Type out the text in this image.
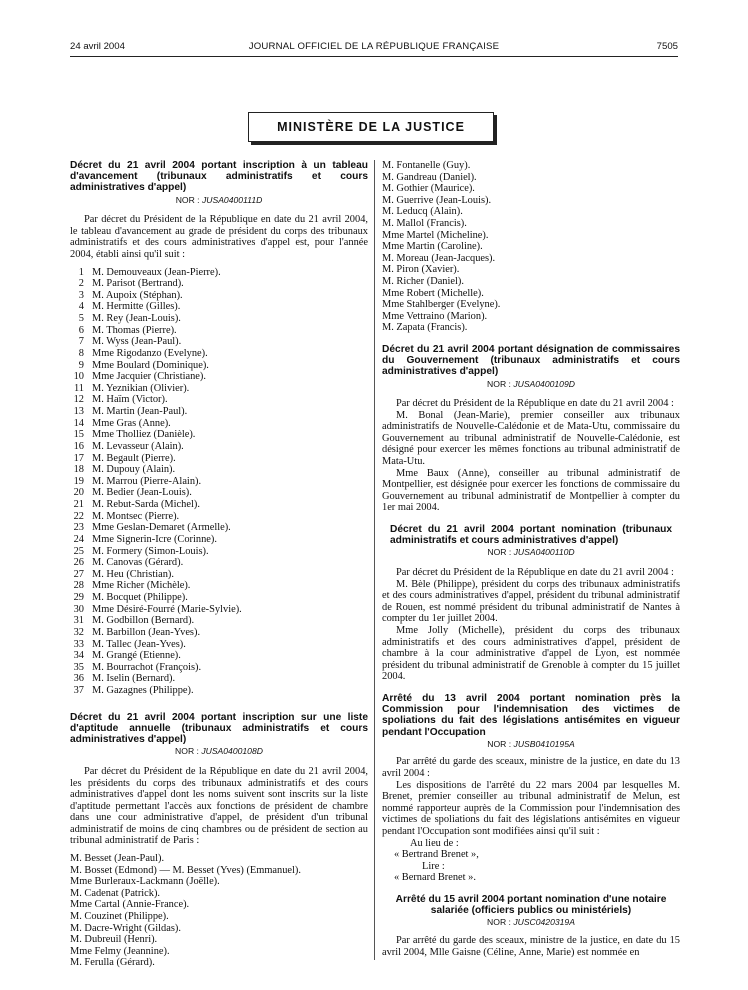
24 avril 2004	JOURNAL OFFICIEL DE LA RÉPUBLIQUE FRANÇAISE	7505
MINISTÈRE DE LA JUSTICE

Décret du 21 avril 2004 portant inscription à un tableau d'avancement (tribunaux administratifs et cours administratives d'appel)

NOR : JUSA0400111D

Par décret du Président de la République en date du 21 avril 2004, le tableau d'avancement au grade de président du corps des tribunaux administratifs et des cours administratives d'appel est, pour l'année 2004, établi ainsi qu'il suit :

1 M. Demouveaux (Jean-Pierre).
2 M. Parisot (Bertrand).
3 M. Aupoix (Stéphan).
4 M. Hermitte (Gilles).
5 M. Rey (Jean-Louis).
6 M. Thomas (Pierre).
7 M. Wyss (Jean-Paul).
8 Mme Rigodanzo (Evelyne).
9 Mme Boulard (Dominique).
10 Mme Jacquier (Christiane).
11 M. Yeznikian (Olivier).
12 M. Haïm (Victor).
13 M. Martin (Jean-Paul).
14 Mme Gras (Anne).
15 Mme Tholliez (Danièle).
16 M. Levasseur (Alain).
17 M. Begault (Pierre).
18 M. Dupouy (Alain).
19 M. Marrou (Pierre-Alain).
20 M. Bedier (Jean-Louis).
21 M. Rebut-Sarda (Michel).
22 M. Montsec (Pierre).
23 Mme Geslan-Demaret (Armelle).
24 Mme Signerin-Icre (Corinne).
25 M. Formery (Simon-Louis).
26 M. Canovas (Gérard).
27 M. Heu (Christian).
28 Mme Richer (Michèle).
29 M. Bocquet (Philippe).
30 Mme Désiré-Fourré (Marie-Sylvie).
31 M. Godbillon (Bernard).
32 M. Barbillon (Jean-Yves).
33 M. Tallec (Jean-Yves).
34 M. Grangé (Etienne).
35 M. Bourrachot (François).
36 M. Iselin (Bernard).
37 M. Gazagnes (Philippe).

Décret du 21 avril 2004 portant inscription sur une liste d'aptitude annuelle (tribunaux administratifs et cours administratives d'appel)

NOR : JUSA0400108D

Par décret du Président de la République en date du 21 avril 2004, les présidents du corps des tribunaux administratifs et des cours administratives d'appel dont les noms suivent sont inscrits sur la liste d'aptitude permettant l'accès aux fonctions de président de chambre dans une cour administrative d'appel, de président d'un tribunal administratif de moins de cinq chambres ou de président de section au tribunal administratif de Paris :

M. Besset (Jean-Paul).
M. Bosset (Edmond) — M. Besset (Yves) (Emmanuel).
Mme Burleraux-Lackmann (Joëlle).
M. Cadenat (Patrick).
Mme Cartal (Annie-France).
M. Couzinet (Philippe).
M. Dacre-Wright (Gildas).
M. Dubreuil (Henri).
Mme Felmy (Jeannine).
M. Ferulla (Gérard).
M. Fontanelle (Guy).
M. Gandreau (Daniel).
M. Gothier (Maurice).
M. Guerrive (Jean-Louis).
M. Leducq (Alain).
M. Mallol (Francis).
Mme Martel (Micheline).
Mme Martin (Caroline).
M. Moreau (Jean-Jacques).
M. Piron (Xavier).
M. Richer (Daniel).
Mme Robert (Michelle).
Mme Stahlberger (Evelyne).
Mme Vettraino (Marion).
M. Zapata (Francis).

Décret du 21 avril 2004 portant désignation de commissaires du Gouvernement (tribunaux administratifs et cours administratives d'appel)

NOR : JUSA0400109D

Par décret du Président de la République en date du 21 avril 2004 :

M. Bonal (Jean-Marie), premier conseiller aux tribunaux administratifs de Nouvelle-Calédonie et de Mata-Utu, commissaire du Gouvernement au tribunal administratif de Nouvelle-Calédonie, est désigné pour exercer les mêmes fonctions au tribunal administratif de Mata-Utu.

Mme Baux (Anne), conseiller au tribunal administratif de Montpellier, est désignée pour exercer les fonctions de commissaire du Gouvernement au tribunal administratif de Montpellier à compter du 1er mai 2004.

Décret du 21 avril 2004 portant nomination (tribunaux administratifs et cours administratives d'appel)

NOR : JUSA0400110D

Par décret du Président de la République en date du 21 avril 2004 :

M. Bèle (Philippe), président du corps des tribunaux administratifs et des cours administratives d'appel, président du tribunal administratif de Rouen, est nommé président du tribunal administratif de Nantes à compter du 1er juillet 2004.

Mme Jolly (Michelle), président du corps des tribunaux administratifs et des cours administratives d'appel, président de chambre à la cour administrative d'appel de Lyon, est nommée président du tribunal administratif de Grenoble à compter du 15 juillet 2004.

Arrêté du 13 avril 2004 portant nomination près la Commission pour l'indemnisation des victimes de spoliations du fait des législations antisémites en vigueur pendant l'Occupation

NOR : JUSB0410195A

Par arrêté du garde des sceaux, ministre de la justice, en date du 13 avril 2004 :

Les dispositions de l'arrêté du 22 mars 2004 par lesquelles M. Brenet, premier conseiller au tribunal administratif de Melun, est nommé rapporteur auprès de la Commission pour l'indemnisation des victimes de spoliations du fait des législations antisémites en vigueur pendant l'Occupation sont modifiées ainsi qu'il suit :

Au lieu de :

« Bertrand Brenet »,

Lire :

« Bernard Brenet ».

Arrêté du 15 avril 2004 portant nomination d'une notaire salariée (officiers publics ou ministériels)

NOR : JUSC0420319A

Par arrêté du garde des sceaux, ministre de la justice, en date du 15 avril 2004, Mlle Gaisne (Céline, Anne, Marie) est nommée en
